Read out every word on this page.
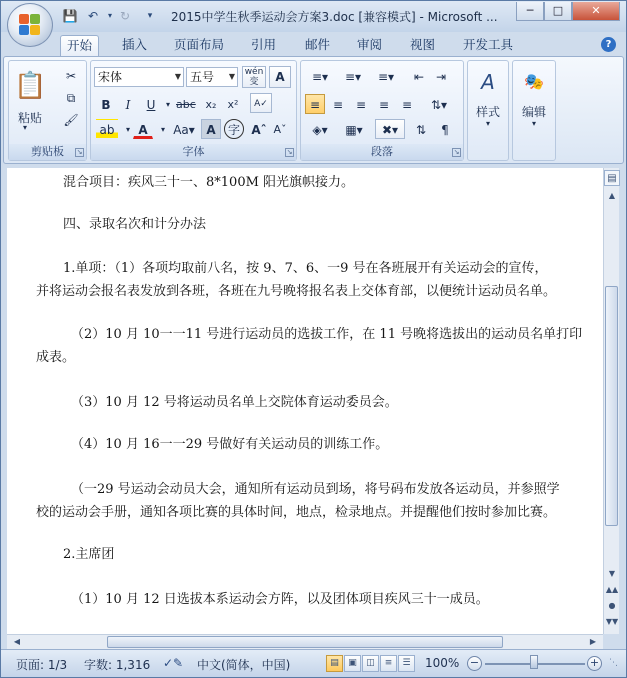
💾 ↶	▾ ↻	▾	2015中学生秋季运动会方案3.doc [兼容模式] - Microsoft ...	─	□	✕
开始	插入	页面布局	引用	邮件	审阅	视图	开发工具	?
📋
粘贴
▾
✂
⧉
🖌
剪贴板	↘
宋体	▼ 五号 ▼ wén 变	A
B	I	U	▾ abc x₂	x²	A✓
ab	▾ A	▾ Aa▾ A	字 Aˆ Aˇ
字体	↘
≡▾	≡▾	≡▾	⇤ ⇥
≡	≡	≡	≡	≡	⇅▾
◈▾	▦▾	✖▾	⇅	¶
段落	↘
A
样式
▾
🎭
编辑
▾

混合项目：疾风三十一、8*100M 阳光旗帜接力。

四、录取名次和计分办法

1.单项：（1）各项均取前八名，按 9、7、6、一9 号在各班展开有关运动会的宣传，

并将运动会报名表发放到各班，各班在九号晚将报名表上交体育部，以便统计运动员名单。

（2）10 月 10一一11 号进行运动员的选拔工作，在 11 号晚将选拔出的运动员名单打印

成表。

（3）10 月 12 号将运动员名单上交院体育运动委员会。

（4）10 月 16一一29 号做好有关运动员的训练工作。

（一29 号运动会动员大会，通知所有运动员到场，将号码布发放各运动员，并参照学

校的运动会手册，通知各项比赛的具体时间，地点，检录地点。并提醒他们按时参加比赛。

2.主席团

（1）10 月 12 日选拔本系运动会方阵，以及团体项目疾风三十一成员。

▤
▲
▼
▲▲
●
▼▼
◀	▶
页面: 1/3 字数: 1,316 ✓✎ 中文(简体，中国)	▤	▣	◫	≡	☰	100% −	+	⋱
